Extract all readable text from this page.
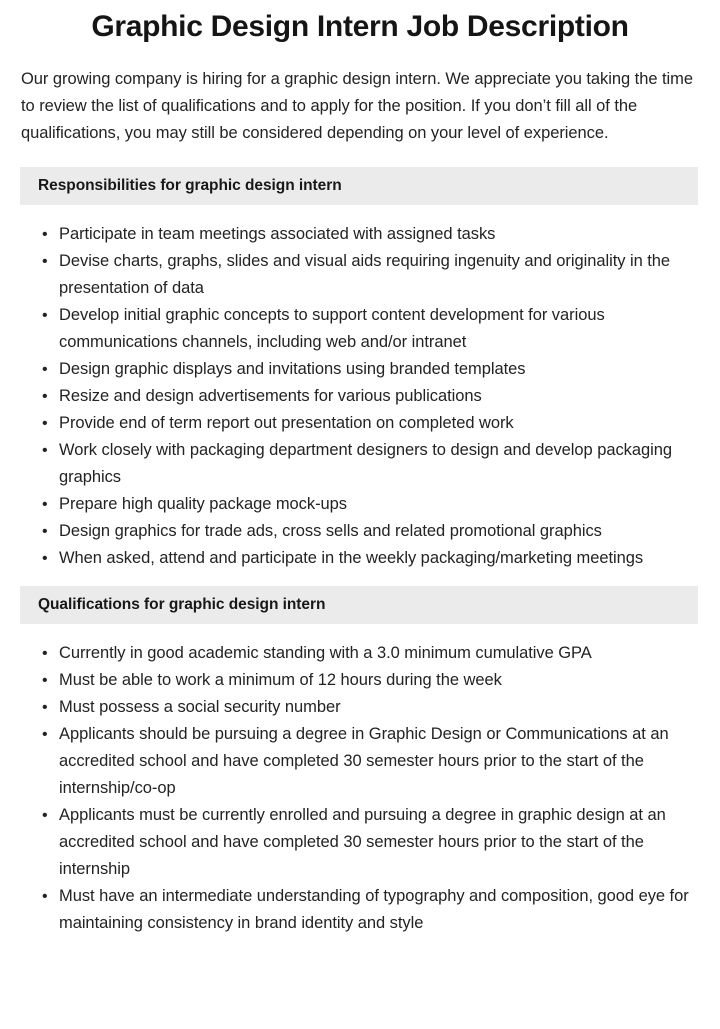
Graphic Design Intern Job Description

Our growing company is hiring for a graphic design intern. We appreciate you taking the time to review the list of qualifications and to apply for the position. If you don’t fill all of the qualifications, you may still be considered depending on your level of experience.

Responsibilities for graphic design intern
• Participate in team meetings associated with assigned tasks
• Devise charts, graphs, slides and visual aids requiring ingenuity and originality in the presentation of data
• Develop initial graphic concepts to support content development for various communications channels, including web and/or intranet
• Design graphic displays and invitations using branded templates
• Resize and design advertisements for various publications
• Provide end of term report out presentation on completed work
• Work closely with packaging department designers to design and develop packaging graphics
• Prepare high quality package mock-ups
• Design graphics for trade ads, cross sells and related promotional graphics
• When asked, attend and participate in the weekly packaging/marketing meetings
Qualifications for graphic design intern
• Currently in good academic standing with a 3.0 minimum cumulative GPA
• Must be able to work a minimum of 12 hours during the week
• Must possess a social security number
• Applicants should be pursuing a degree in Graphic Design or Communications at an accredited school and have completed 30 semester hours prior to the start of the internship/co-op
• Applicants must be currently enrolled and pursuing a degree in graphic design at an accredited school and have completed 30 semester hours prior to the start of the internship
• Must have an intermediate understanding of typography and composition, good eye for maintaining consistency in brand identity and style
